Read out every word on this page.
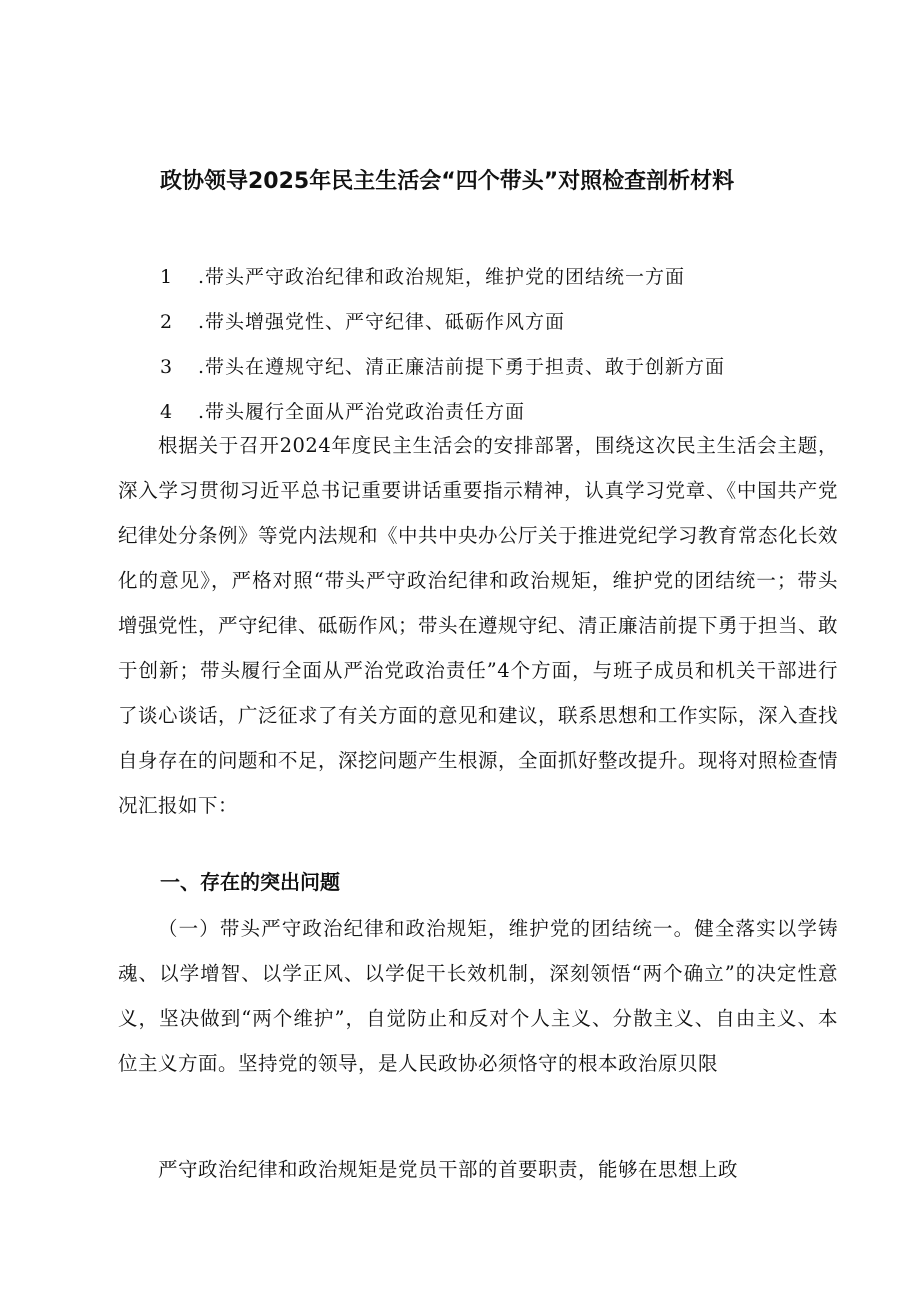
政协领导2025年民主生活会“四个带头”对照检查剖析材料
1 .带头严守政治纪律和政治规矩，维护党的团结统一方面
2 .带头增强党性、严守纪律、砥砺作风方面
3 .带头在遵规守纪、清正廉洁前提下勇于担责、敢于创新方面
4 .带头履行全面从严治党政治责任方面

根据关于召开2024年度民主生活会的安排部署，围绕这次民主生活会主题，深入学习贯彻习近平总书记重要讲话重要指示精神，认真学习党章、《中国共产党纪律处分条例》等党内法规和《中共中央办公厅关于推进党纪学习教育常态化长效化的意见》，严格对照“带头严守政治纪律和政治规矩，维护党的团结统一；带头增强党性，严守纪律、砥砺作风；带头在遵规守纪、清正廉洁前提下勇于担当、敢于创新；带头履行全面从严治党政治责任”4个方面，与班子成员和机关干部进行了谈心谈话，广泛征求了有关方面的意见和建议，联系思想和工作实际，深入查找自身存在的问题和不足，深挖问题产生根源，全面抓好整改提升。现将对照检查情况汇报如下：

一、存在的突出问题

（一）带头严守政治纪律和政治规矩，维护党的团结统一。健全落实以学铸魂、以学增智、以学正风、以学促干长效机制，深刻领悟“两个确立”的决定性意义，坚决做到“两个维护”，自觉防止和反对个人主义、分散主义、自由主义、本位主义方面。坚持党的领导，是人民政协必须恪守的根本政治原贝限

严守政治纪律和政治规矩是党员干部的首要职责，能够在思想上政
